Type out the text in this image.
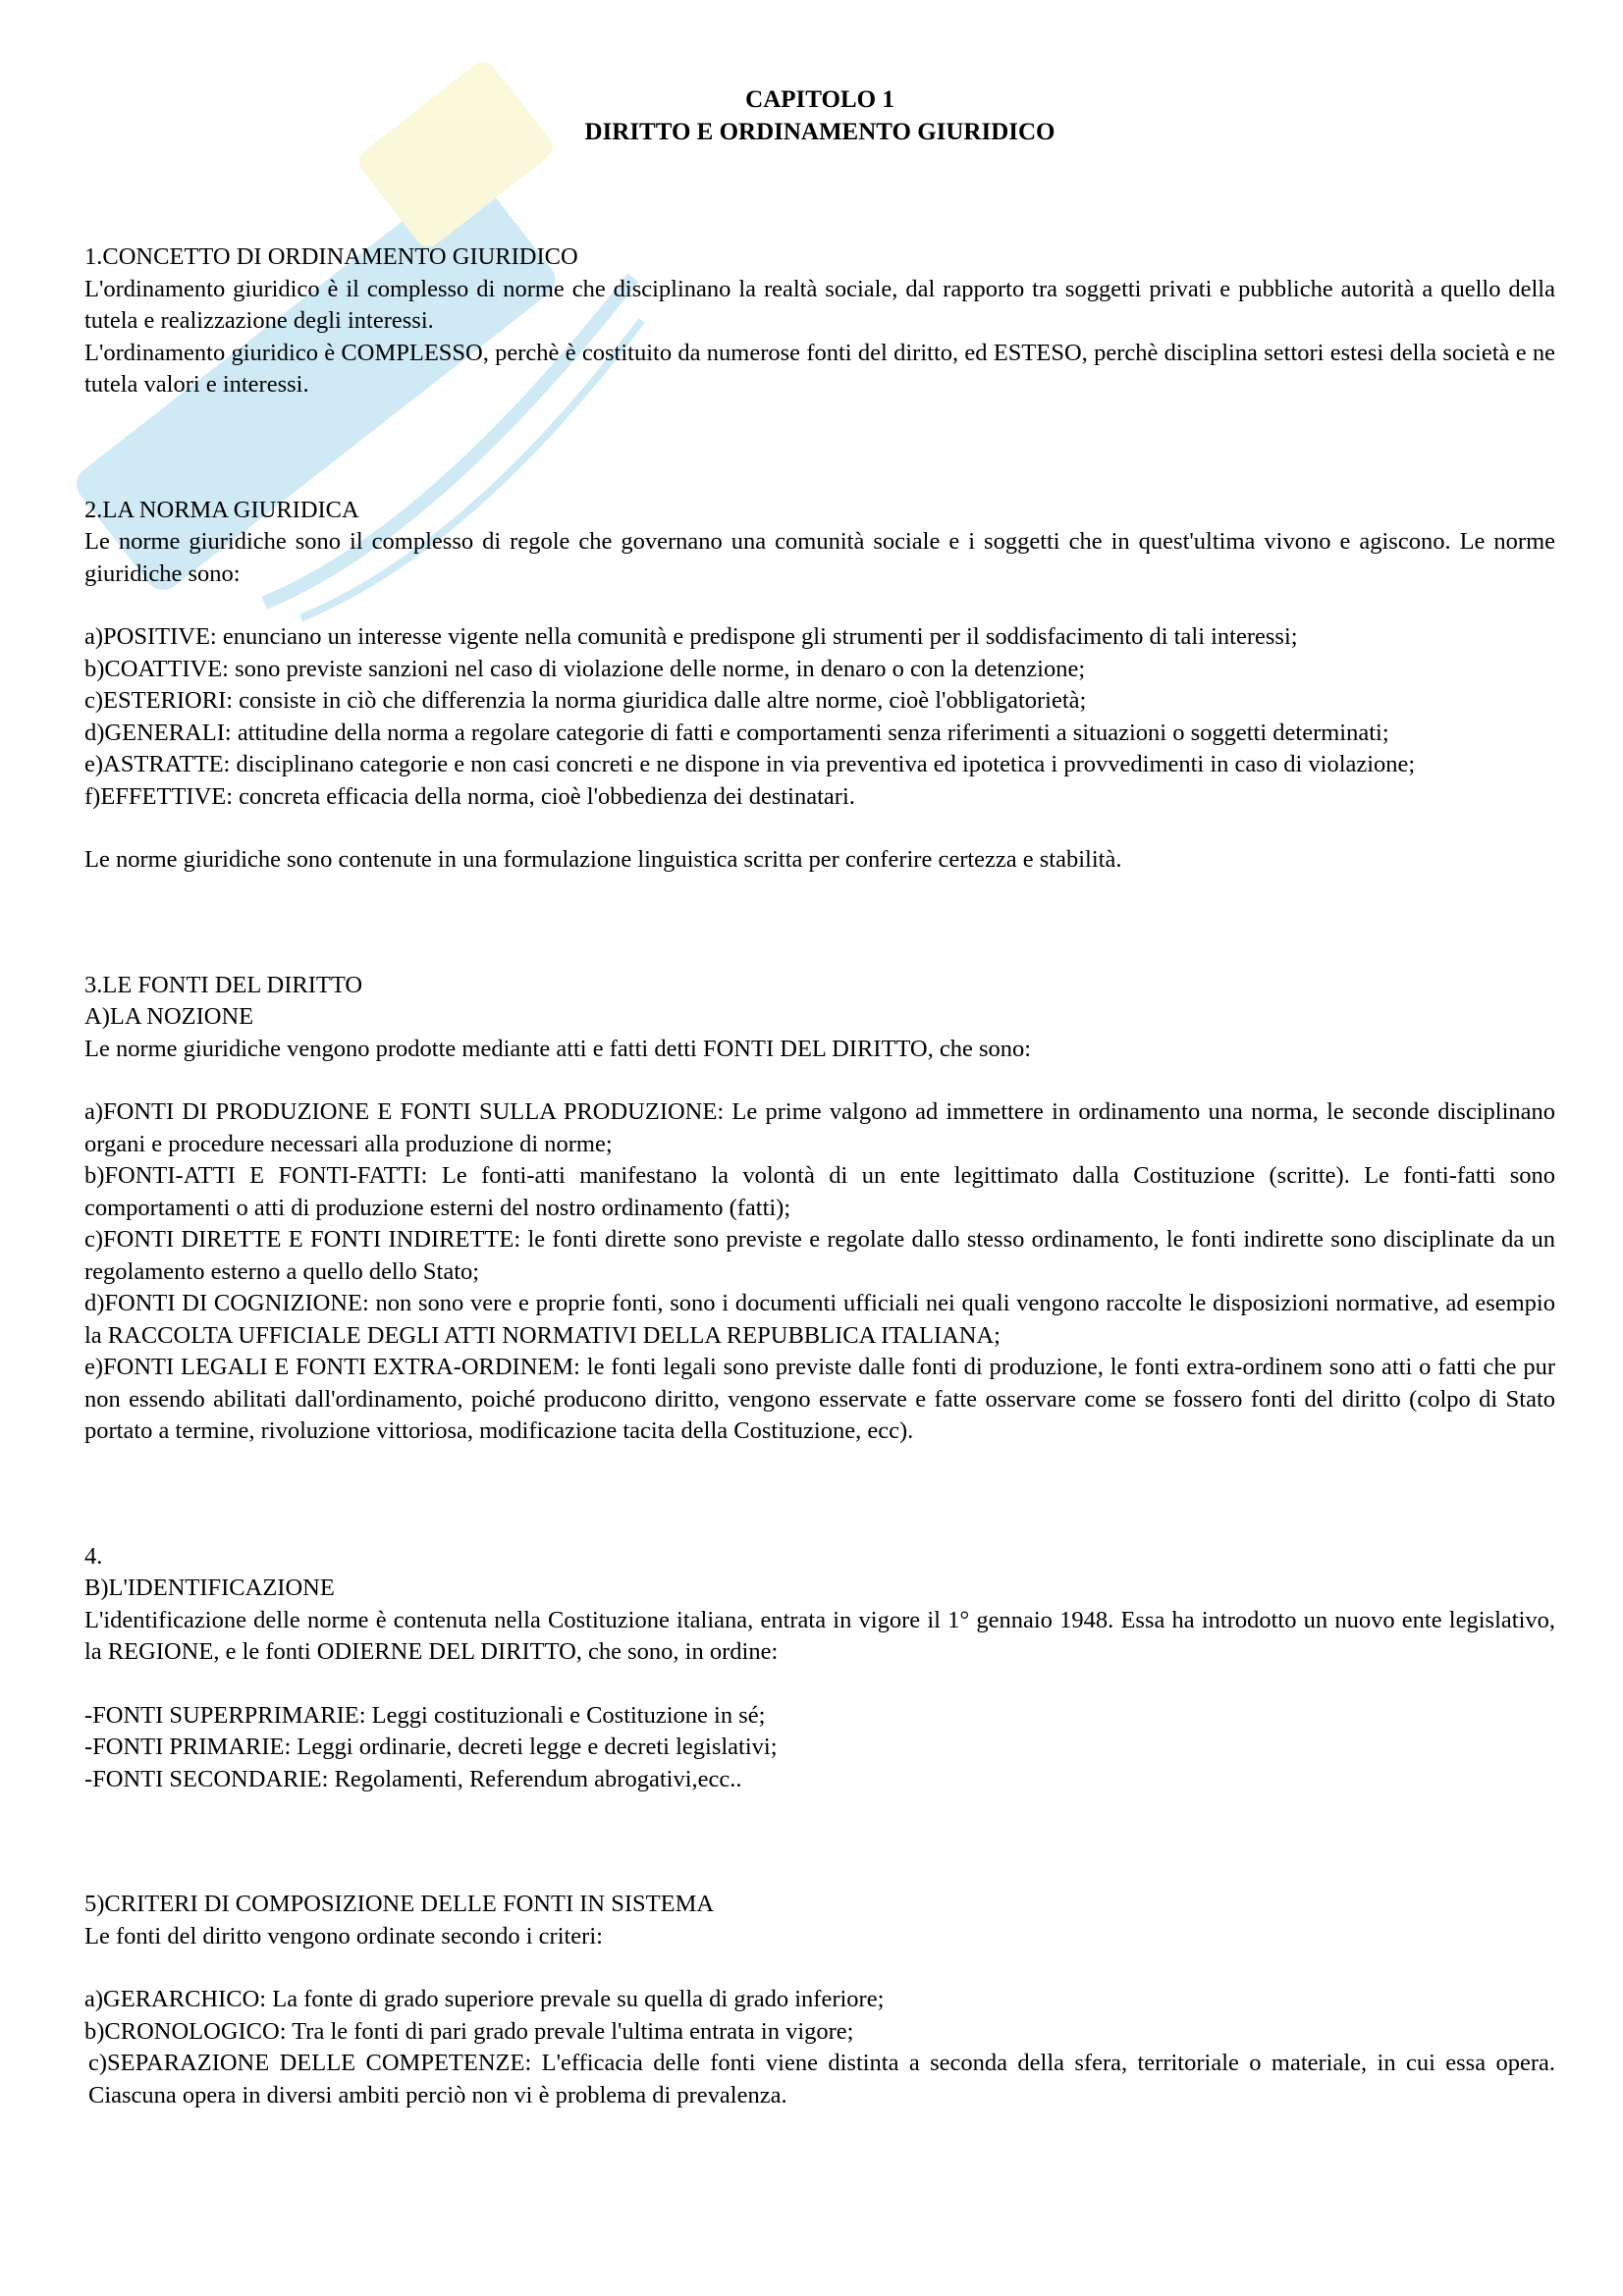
CAPITOLO 1
DIRITTO E ORDINAMENTO GIURIDICO

1.CONCETTO DI ORDINAMENTO GIURIDICO

L'ordinamento giuridico è il complesso di norme che disciplinano la realtà sociale, dal rapporto tra soggetti privati e pubbliche autorità a quello della tutela e realizzazione degli interessi.

L'ordinamento giuridico è COMPLESSO, perchè è costituito da numerose fonti del diritto, ed ESTESO, perchè disciplina settori estesi della società e ne tutela valori e interessi.

2.LA NORMA GIURIDICA

Le norme giuridiche sono il complesso di regole che governano una comunità sociale e i soggetti che in quest'ultima vivono e agiscono. Le norme giuridiche sono:

a)POSITIVE: enunciano un interesse vigente nella comunità e predispone gli strumenti per il soddisfacimento di tali interessi;

b)COATTIVE: sono previste sanzioni nel caso di violazione delle norme, in denaro o con la detenzione;

c)ESTERIORI: consiste in ciò che differenzia la norma giuridica dalle altre norme, cioè l'obbligatorietà;

d)GENERALI: attitudine della norma a regolare categorie di fatti e comportamenti senza riferimenti a situazioni o soggetti determinati;

e)ASTRATTE: disciplinano categorie e non casi concreti e ne dispone in via preventiva ed ipotetica i provvedimenti in caso di violazione;

f)EFFETTIVE: concreta efficacia della norma, cioè l'obbedienza dei destinatari.

Le norme giuridiche sono contenute in una formulazione linguistica scritta per conferire certezza e stabilità.

3.LE FONTI DEL DIRITTO

A)LA NOZIONE

Le norme giuridiche vengono prodotte mediante atti e fatti detti FONTI DEL DIRITTO, che sono:

a)FONTI DI PRODUZIONE E FONTI SULLA PRODUZIONE: Le prime valgono ad immettere in ordinamento una norma, le seconde disciplinano organi e procedure necessari alla produzione di norme;

b)FONTI-ATTI E FONTI-FATTI: Le fonti-atti manifestano la volontà di un ente legittimato dalla Costituzione (scritte). Le fonti-fatti sono comportamenti o atti di produzione esterni del nostro ordinamento (fatti);

c)FONTI DIRETTE E FONTI INDIRETTE: le fonti dirette sono previste e regolate dallo stesso ordinamento, le fonti indirette sono disciplinate da un regolamento esterno a quello dello Stato;

d)FONTI DI COGNIZIONE: non sono vere e proprie fonti, sono i documenti ufficiali nei quali vengono raccolte le disposizioni normative, ad esempio la RACCOLTA UFFICIALE DEGLI ATTI NORMATIVI DELLA REPUBBLICA ITALIANA;

e)FONTI LEGALI E FONTI EXTRA-ORDINEM: le fonti legali sono previste dalle fonti di produzione, le fonti extra-ordinem sono atti o fatti che pur non essendo abilitati dall'ordinamento, poiché producono diritto, vengono esservate e fatte osservare come se fossero fonti del diritto (colpo di Stato portato a termine, rivoluzione vittoriosa, modificazione tacita della Costituzione, ecc).

4.

B)L'IDENTIFICAZIONE

L'identificazione delle norme è contenuta nella Costituzione italiana, entrata in vigore il 1° gennaio 1948. Essa ha introdotto un nuovo ente legislativo, la REGIONE, e le fonti ODIERNE DEL DIRITTO, che sono, in ordine:

-FONTI SUPERPRIMARIE: Leggi costituzionali e Costituzione in sé;

-FONTI PRIMARIE: Leggi ordinarie, decreti legge e decreti legislativi;

-FONTI SECONDARIE: Regolamenti, Referendum abrogativi,ecc..

5)CRITERI DI COMPOSIZIONE DELLE FONTI IN SISTEMA

Le fonti del diritto vengono ordinate secondo i criteri:

a)GERARCHICO: La fonte di grado superiore prevale su quella di grado inferiore;

b)CRONOLOGICO: Tra le fonti di pari grado prevale l'ultima entrata in vigore;

c)SEPARAZIONE DELLE COMPETENZE: L'efficacia delle fonti viene distinta a seconda della sfera, territoriale o materiale, in cui essa opera. Ciascuna opera in diversi ambiti perciò non vi è problema di prevalenza.
